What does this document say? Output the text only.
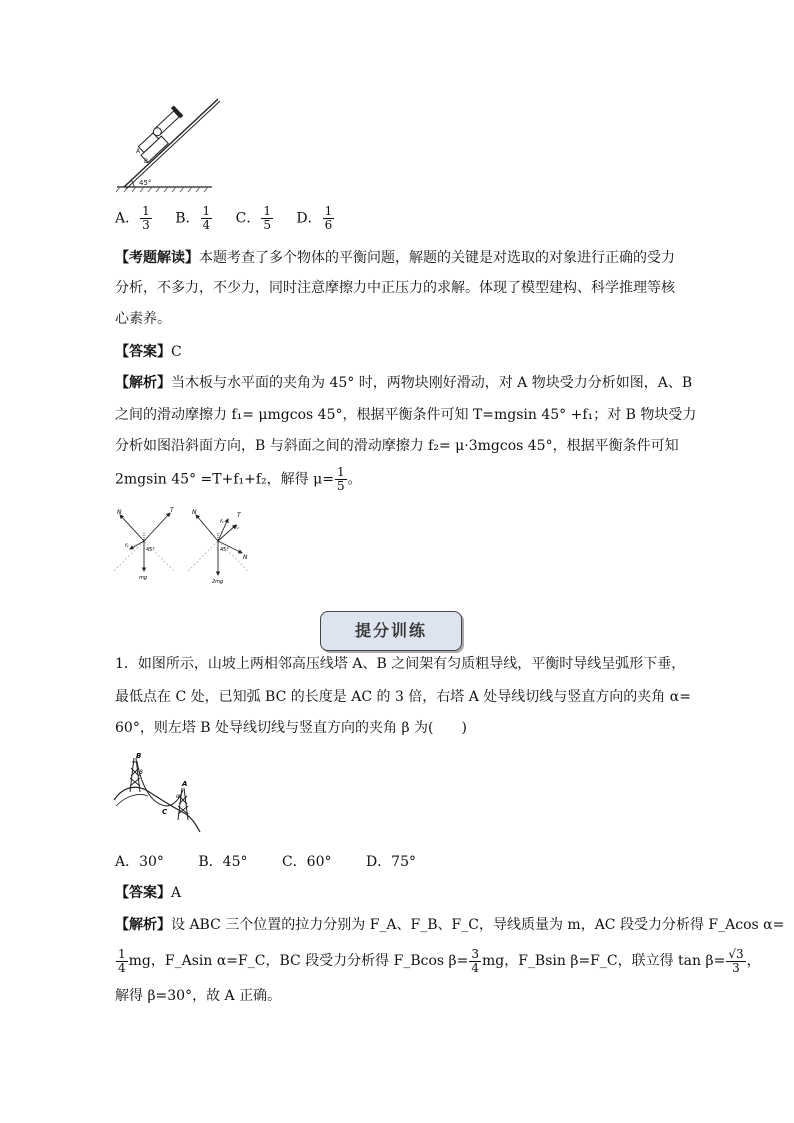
A
B
45°
A． $\frac{1}{3}$ B． $\frac{1}{4}$ C． $\frac{1}{5}$ D． $\frac{1}{6}$
【考题解读】本题考查了多个物体的平衡问题，解题的关键是对选取的对象进行正确的受力
分析，不多力，不少力，同时注意摩擦力中正压力的求解。体现了模型建构、科学推理等核
心素养。
【答案】C
【解析】当木板与水平面的夹角为 45° 时，两物块刚好滑动，对 A 物块受力分析如图，A、B
之间的滑动摩擦力 f₁= μmgcos 45°，根据平衡条件可知 T=mgsin 45° +f₁；对 B 物块受力
分析如图沿斜面方向，B 与斜面之间的滑动摩擦力 f₂= μ·3mgcos 45°，根据平衡条件可知
2mgsin 45° =T+f₁+f₂，解得 $\mu= \frac{1}{5}$ 。
N	T
f₁
45°
mg
N
f₁
f₂
T
45°
N
2mg
提分训练
1．如图所示，山坡上两相邻高压线塔 A、B 之间架有匀质粗导线，平衡时导线呈弧形下垂，
最低点在 C 处，已知弧 BC 的长度是 AC 的 3 倍，右塔 A 处导线切线与竖直方向的夹角 α=
60°，则左塔 B 处导线切线与竖直方向的夹角 β 为(　　)
B
β
A
α
C
A．30° B．45° C．60° D．75°
【答案】A
【解析】设 ABC 三个位置的拉力分别为 F_A、F_B、F_C，导线质量为 m，AC 段受力分析得 F_Acos α=
$\frac{1}{4}$ mg，F_Asin α=F_C，BC 段受力分析得 F_Bcos $\beta= \frac{3}{4}$ mg，F_Bsin β=F_C，联立得 $\tan \beta= \frac{√3}{3}$ ，
解得 β=30°，故 A 正确。
